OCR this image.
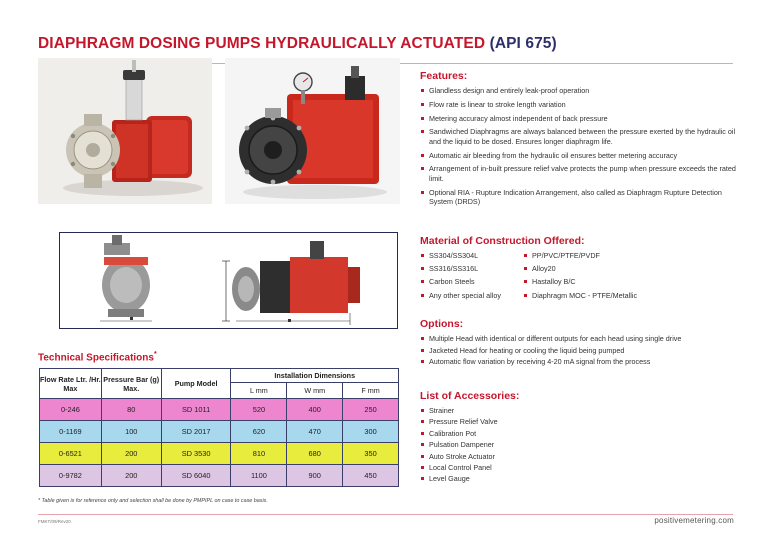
DIAPHRAGM DOSING PUMPS HYDRAULICALLY ACTUATED (API 675)
Features:
Glandless design and entirely leak-proof operation
Flow rate is linear to stroke length variation
Metering accuracy almost independent of back pressure
Sandwiched Diaphragms are always balanced between the pressure exerted by the hydraulic oil and the liquid to be dosed. Ensures longer diaphragm life.
Automatic air bleeding from the hydraulic oil ensures better metering accuracy
Arrangement of in-built pressure relief valve protects the pump when pressure exceeds the rated limit.
Optional RIA - Rupture Indication Arrangement, also called as Diaphragm Rupture Detection System (DRDS)
Material of Construction Offered:
SS304/SS304L
SS316/SS316L
Carbon Steels
Any other special alloy
PP/PVC/PTFE/PVDF
Alloy20
Hastalloy B/C
Diaphragm MOC - PTFE/Metallic
Options:
Multiple Head with identical or different outputs for each head using single drive
Jacketed Head for heating or cooling the liquid being pumped
Automatic flow variation by receiving 4-20 mA signal from the process
List of Accessories:
Strainer
Pressure Relief Valve
Calibration Pot
Pulsation Dampener
Auto Stroke Actuator
Local Control Panel
Level Gauge
Technical Specifications*
Flow Rate Ltr. /Hr. Max	Pressure Bar (g) Max.	Pump Model	Installation Dimensions		
			L mm	W mm	F mm
0-246	80	SD 1011	520	400	250
0-1169	100	SD 2017	620	470	300
0-6521	200	SD 3530	810	680	350
0-9782	200	SD 6040	1100	900	450
* Table given is for reference only and selection shall be done by PMPIPL on case to case basis.
FMKT/09/Rev20	positivemetering.com
